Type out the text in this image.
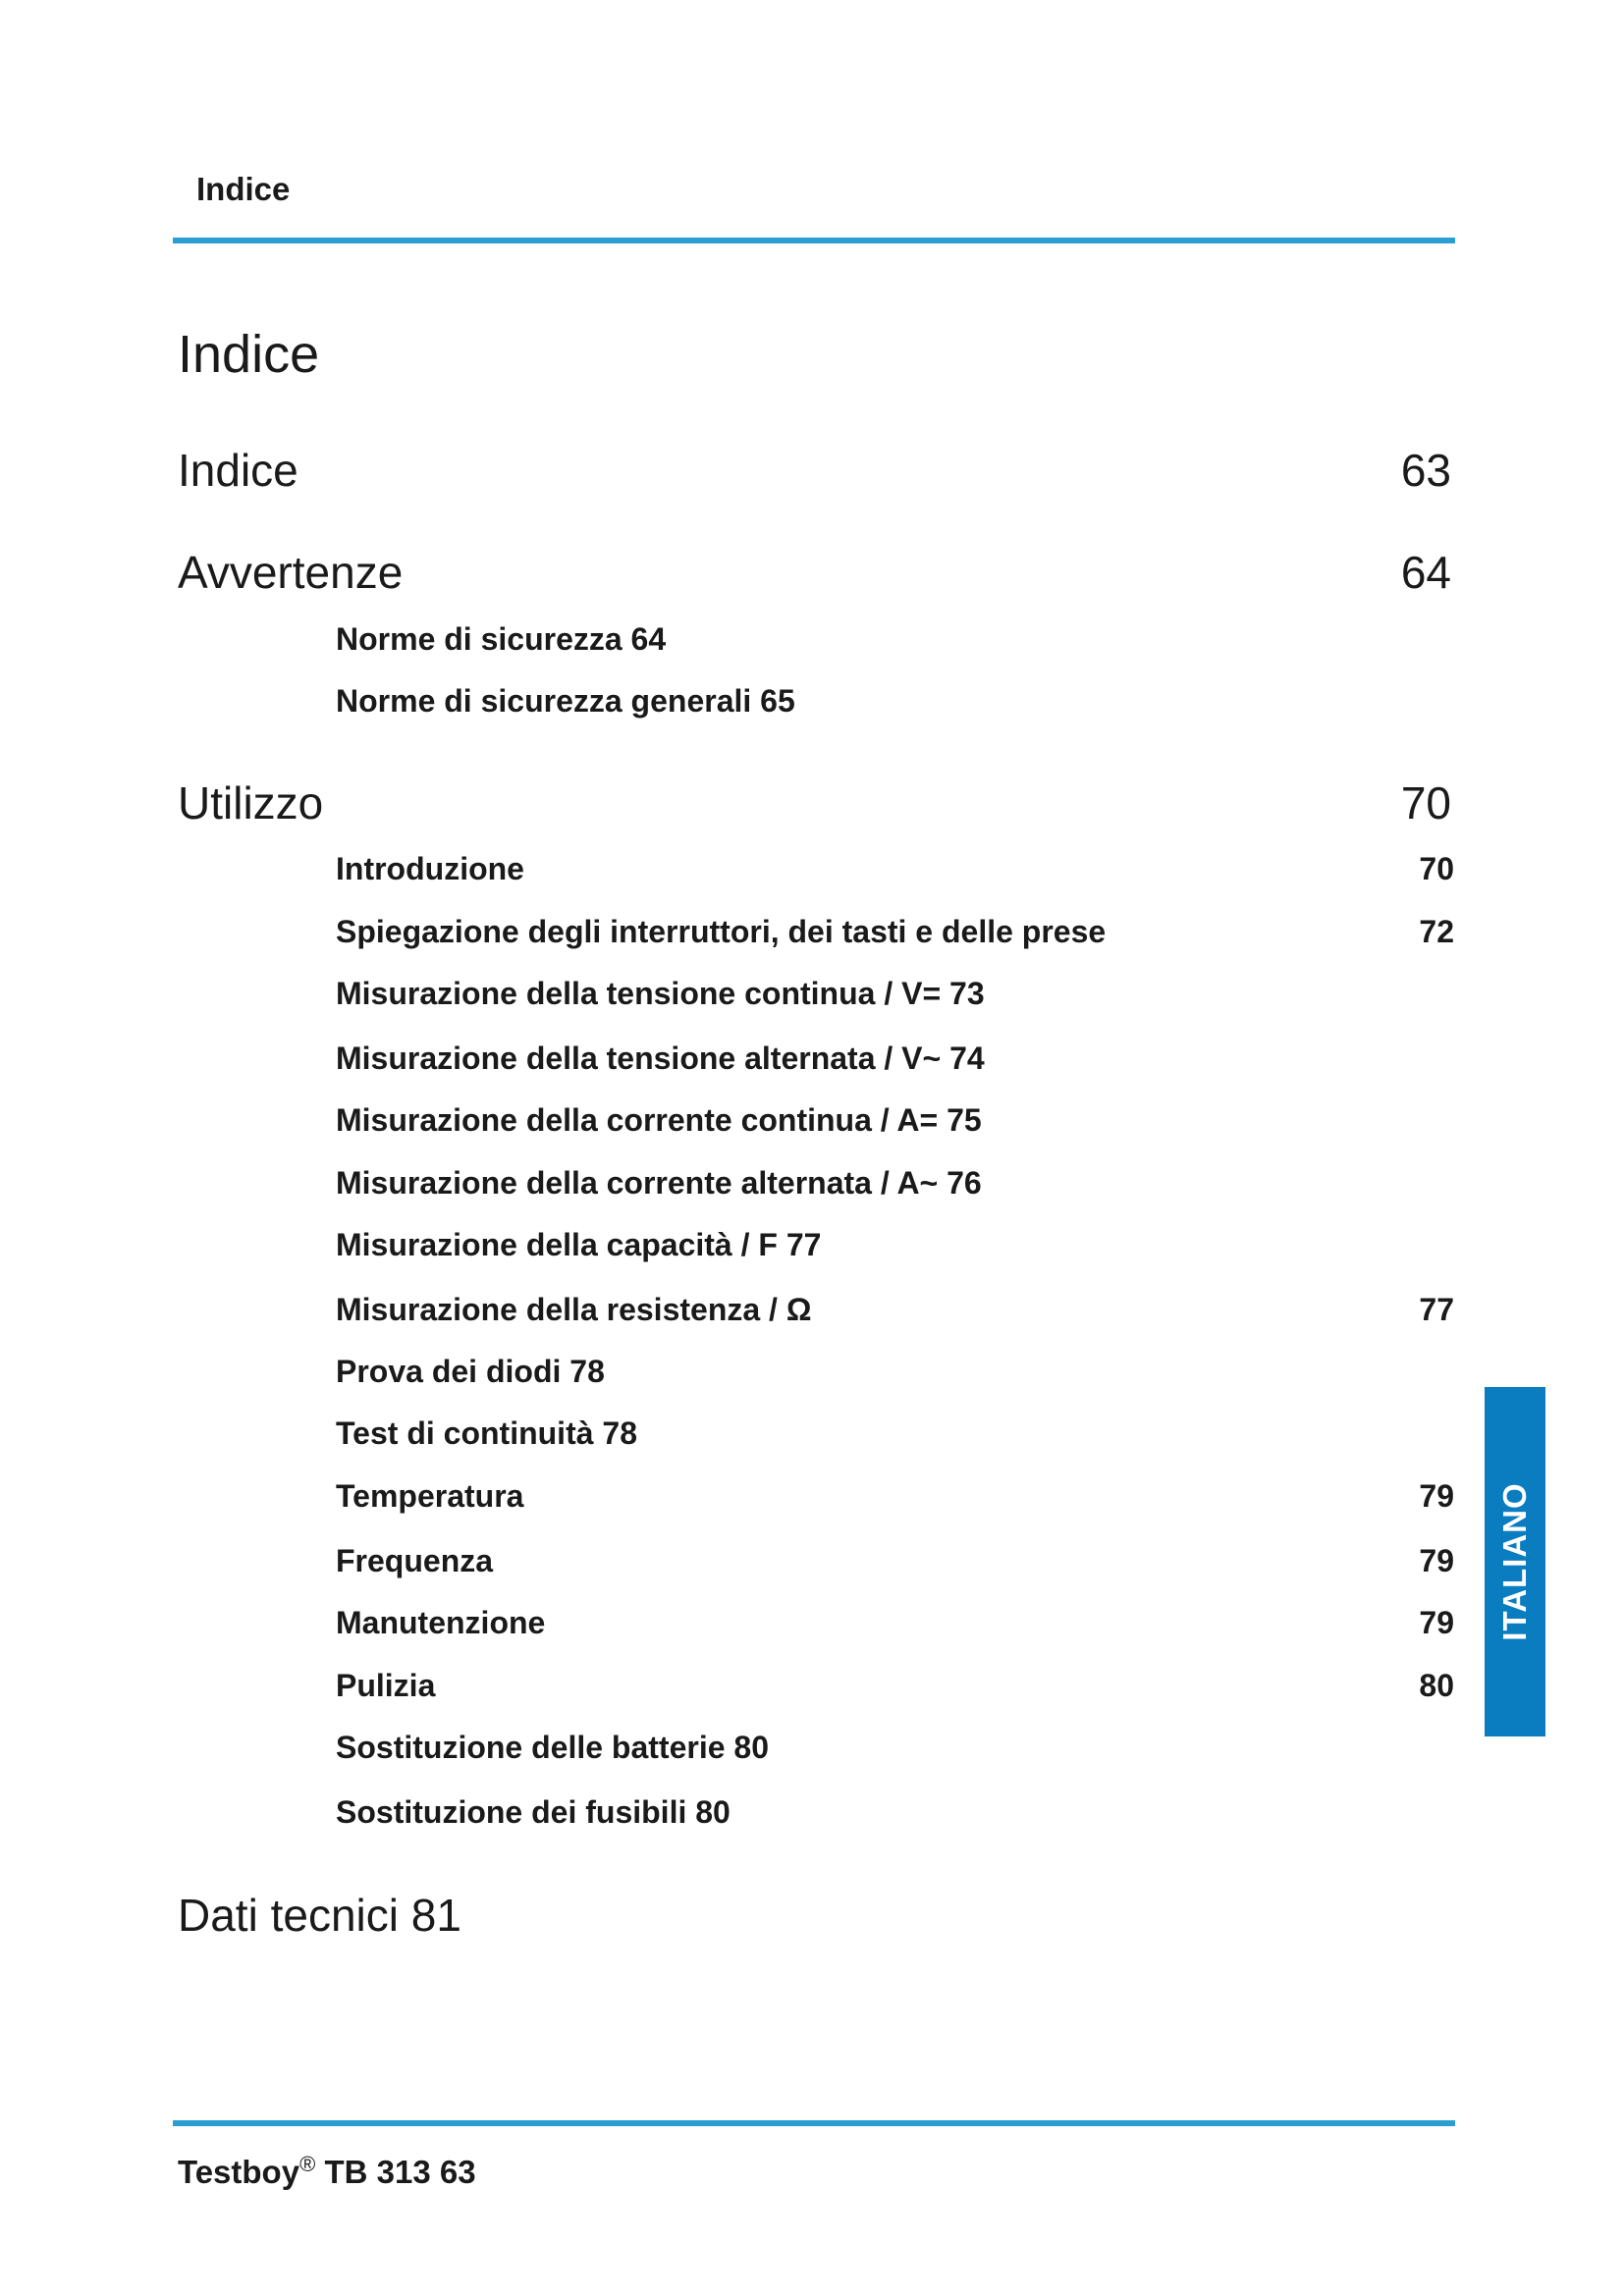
Indice
Indice
Indice	63
Avvertenze	64
Norme di sicurezza 64
Norme di sicurezza generali 65
Utilizzo	70
Introduzione	70
Spiegazione degli interruttori, dei tasti e delle prese	72
Misurazione della tensione continua / V= 73
Misurazione della tensione alternata / V~ 74
Misurazione della corrente continua / A= 75
Misurazione della corrente alternata / A~ 76
Misurazione della capacità / F 77
Misurazione della resistenza / Ω	77
Prova dei diodi 78
Test di continuità 78
Temperatura	79
Frequenza	79
Manutenzione	79
Pulizia	80
Sostituzione delle batterie 80
Sostituzione dei fusibili 80
Dati tecnici 81
ITALIANO
Testboy® TB 313 63
